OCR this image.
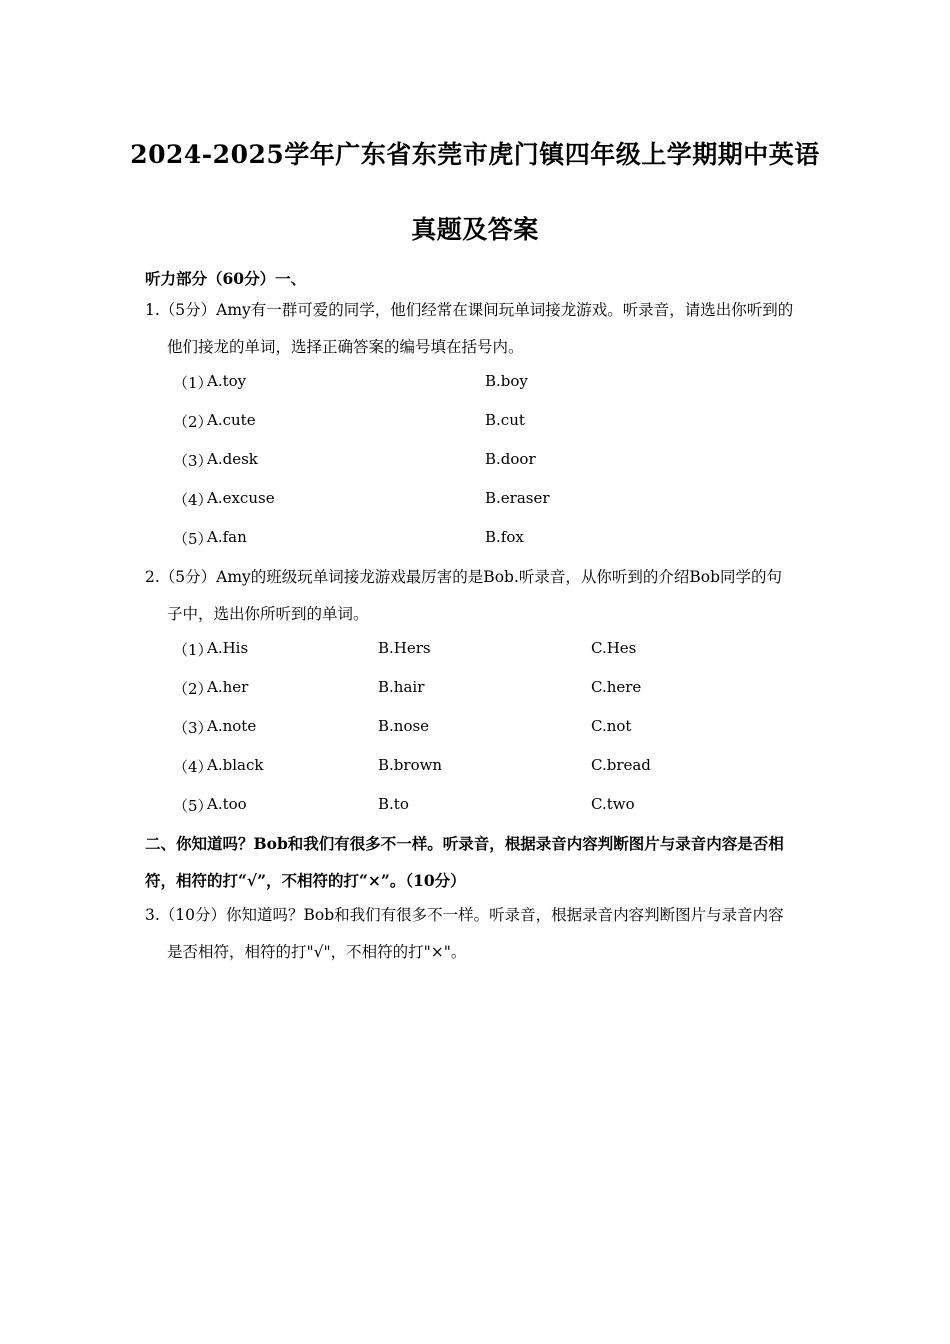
2024-2025学年广东省东莞市虎门镇四年级上学期期中英语
真题及答案
听力部分（60分）一、
1.（5分）Amy有一群可爱的同学，他们经常在课间玩单词接龙游戏。听录音，请选出你听到的
他们接龙的单词，选择正确答案的编号填在括号内。
（1）
A.toy	B.boy
（2）
A.cute	B.cut
（3）
A.desk	B.door
（4）
A.excuse	B.eraser
（5）
A.fan	B.fox
2.（5分）Amy的班级玩单词接龙游戏最厉害的是Bob.听录音，从你听到的介绍Bob同学的句
子中，选出你所听到的单词。
（1）
A.His	B.Hers	C.Hes
（2）
A.her	B.hair	C.here
（3）
A.note	B.nose	C.not
（4）
A.black	B.brown	C.bread
（5）
A.too	B.to	C.two
二、你知道吗？Bob和我们有很多不一样。听录音，根据录音内容判断图片与录音内容是否相
符，相符的打“√”，不相符的打“×”。（10分）
3.（10分）你知道吗？Bob和我们有很多不一样。听录音，根据录音内容判断图片与录音内容
是否相符，相符的打"√"，不相符的打"×"。
